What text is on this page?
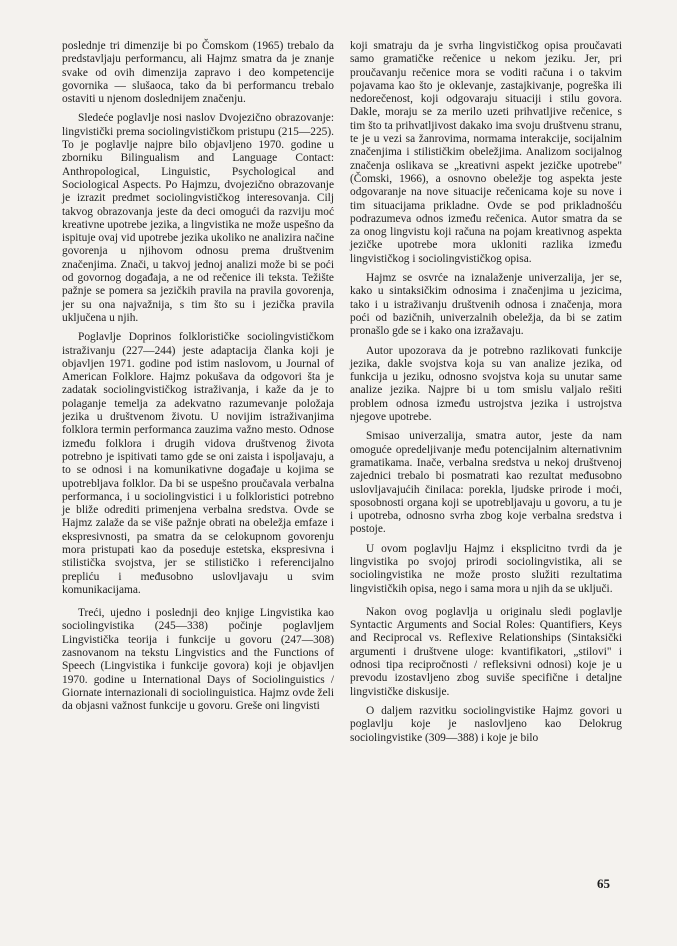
poslednje tri dimenzije bi po Čomskom (1965) trebalo da predstavljaju performancu, ali Hajmz smatra da je znanje svake od ovih dimenzija zapravo i deo kompetencije govornika — slušaoca, tako da bi performancu trebalo ostaviti u njenom doslednijem značenju.

Sledeće poglavlje nosi naslov Dvojezično obrazovanje: lingvistički prema sociolingvističkom pristupu (215—225). To je poglavlje najpre bilo objavljeno 1970. godine u zborniku Bilingualism and Language Contact: Anthropological, Linguistic, Psychological and Sociological Aspects. Po Hajmzu, dvojezično obrazovanje je izrazit predmet sociolingvističkog interesovanja. Cilj takvog obrazovanja jeste da deci omogući da razviju moć kreativne upotrebe jezika, a lingvistika ne može uspešno da ispituje ovaj vid upotrebe jezika ukoliko ne analizira načine govorenja u njihovom odnosu prema društvenim značenjima. Znači, u takvoj jednoj analizi može bi se poći od govornog događaja, a ne od rečenice ili teksta. Težište pažnje se pomera sa jezičkih pravila na pravila govorenja, jer su ona najvažnija, s tim što su i jezička pravila uključena u njih.

Poglavlje Doprinos folklorističke sociolingvističkom istraživanju (227—244) jeste adaptacija članka koji je objavljen 1971. godine pod istim naslovom, u Journal of American Folklore. Hajmz pokušava da odgovori šta je zadatak sociolingvističkog istraživanja, i kaže da je to polaganje temelja za adekvatno razumevanje položaja jezika u društvenom životu. U novijim istraživanjima folklora termin performanca zauzima važno mesto. Odnose između folklora i drugih vidova društvenog života potrebno je ispitivati tamo gde se oni zaista i ispoljavaju, a to se odnosi i na komunikativne događaje u kojima se upotrebljava folklor. Da bi se uspešno proučavala verbalna performanca, i u sociolingvistici i u folkloristici potrebno je bliže odrediti primenjena verbalna sredstva. Ovde se Hajmz zalaže da se više pažnje obrati na obeležja emfaze i ekspresivnosti, pa smatra da se celokupnom govorenju mora pristupati kao da poseduje estetska, ekspresivna i stilistička svojstva, jer se stilističko i referencijalno prepliću i međusobno uslovljavaju u svim komunikacijama.

Treći, ujedno i poslednji deo knjige Lingvistika kao sociolingvistika (245—338) počinje poglavljem Lingvistička teorija i funkcije u govoru (247—308) zasnovanom na tekstu Lingvistics and the Functions of Speech (Lingvistika i funkcije govora) koji je objavljen 1970. godine u International Days of Sociolinguistics / Giornate internazionali di sociolinguistica. Hajmz ovde želi da objasni važnost funkcije u govoru. Greše oni lingvisti

koji smatraju da je svrha lingvističkog opisa proučavati samo gramatičke rečenice u nekom jeziku. Jer, pri proučavanju rečenice mora se voditi računa i o takvim pojavama kao što je oklevanje, zastajkivanje, pogreška ili nedorečenost, koji odgovaraju situaciji i stilu govora. Dakle, moraju se za merilo uzeti prihvatljive rečenice, s tim što ta prihvatljivost dakako ima svoju društvenu stranu, te je u vezi sa žanrovima, normama interakcije, socijalnim značenjima i stilističkim obeležjima. Analizom socijalnog značenja oslikava se „kreativni aspekt jezičke upotrebe" (Čomski, 1966), a osnovno obeležje tog aspekta jeste odgovaranje na nove situacije rečenicama koje su nove i tim situacijama prikladne. Ovde se pod prikladnošću podrazumeva odnos između rečenica. Autor smatra da se za onog lingvistu koji računa na pojam kreativnog aspekta jezičke upotrebe mora ukloniti razlika između lingvističkog i sociolingvističkog opisa.

Hajmz se osvrće na iznalaženje univerzalija, jer se, kako u sintaksičkim odnosima i značenjima u jezicima, tako i u istraživanju društvenih odnosa i značenja, mora poći od bazičnih, univerzalnih obeležja, da bi se zatim pronašlo gde se i kako ona izražavaju.

Autor upozorava da je potrebno razlikovati funkcije jezika, dakle svojstva koja su van analize jezika, od funkcija u jeziku, odnosno svojstva koja su unutar same analize jezika. Najpre bi u tom smislu valjalo rešiti problem odnosa između ustrojstva jezika i ustrojstva njegove upotrebe.

Smisao univerzalija, smatra autor, jeste da nam omoguće opredeljivanje među potencijalnim alternativnim gramatikama. Inače, verbalna sredstva u nekoj društvenoj zajednici trebalo bi posmatrati kao rezultat međusobno uslovljavajućih činilaca: porekla, ljudske prirode i moći, sposobnosti organa koji se upotrebljavaju u govoru, a tu je i upotreba, odnosno svrha zbog koje verbalna sredstva i postoje.

U ovom poglavlju Hajmz i eksplicitno tvrdi da je lingvistika po svojoj prirodi sociolingvistika, ali se sociolingvistika ne može prosto služiti rezultatima lingvističkih opisa, nego i sama mora u njih da se uključi.

Nakon ovog poglavlja u originalu sledi poglavlje Syntactic Arguments and Social Roles: Quantifiers, Keys and Reciprocal vs. Reflexive Relationships (Sintaksički argumenti i društvene uloge: kvantifikatori, „stilovi" i odnosi tipa recipročnosti / refleksivni odnosi) koje je u prevodu izostavljeno zbog suviše specifične i detaljne lingvističke diskusije.

O daljem razvitku sociolingvistike Hajmz govori u poglavlju koje je naslovljeno kao Delokrug sociolingvistike (309—388) i koje je bilo

65
